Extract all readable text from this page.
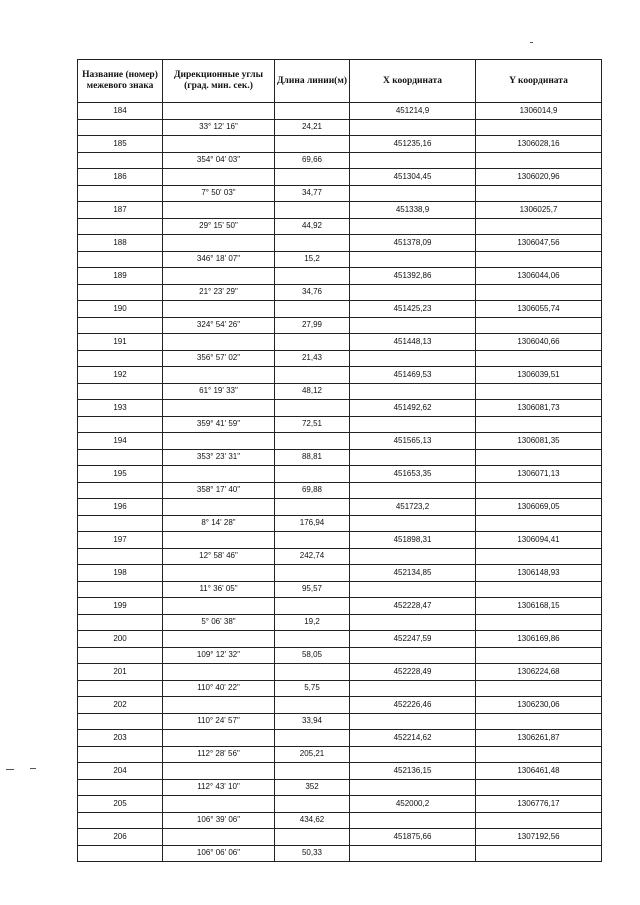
Название (номер) межевого знака	Дирекционные углы (град. мин. сек.)	Длина линии(м)	X координата	Y координата
184			451214,9	1306014,9
	33° 12' 16"	24,21		
185			451235,16	1306028,16
	354° 04' 03"	69,66		
186			451304,45	1306020,96
	7° 50' 03"	34,77		
187			451338,9	1306025,7
	29° 15' 50"	44,92		
188			451378,09	1306047,56
	346° 18' 07"	15,2		
189			451392,86	1306044,06
	21° 23' 29"	34,76		
190			451425,23	1306055,74
	324° 54' 26"	27,99		
191			451448,13	1306040,66
	356° 57' 02"	21,43		
192			451469,53	1306039,51
	61° 19' 33"	48,12		
193			451492,62	1306081,73
	359° 41' 59"	72,51		
194			451565,13	1306081,35
	353° 23' 31"	88,81		
195			451653,35	1306071,13
	358° 17' 40"	69,88		
196			451723,2	1306069,05
	8° 14' 28"	176,94		
197			451898,31	1306094,41
	12° 58' 46"	242,74		
198			452134,85	1306148,93
	11° 36' 05"	95,57		
199			452228,47	1306168,15
	5° 06' 38"	19,2		
200			452247,59	1306169,86
	109° 12' 32"	58,05		
201			452228,49	1306224,68
	110° 40' 22"	5,75		
202			452226,46	1306230,06
	110° 24' 57"	33,94		
203			452214,62	1306261,87
	112° 28' 56"	205,21		
204			452136,15	1306461,48
	112° 43' 10"	352		
205			452000,2	1306776,17
	106° 39' 06"	434,62		
206			451875,66	1307192,56
	106° 06' 06"	50,33		
